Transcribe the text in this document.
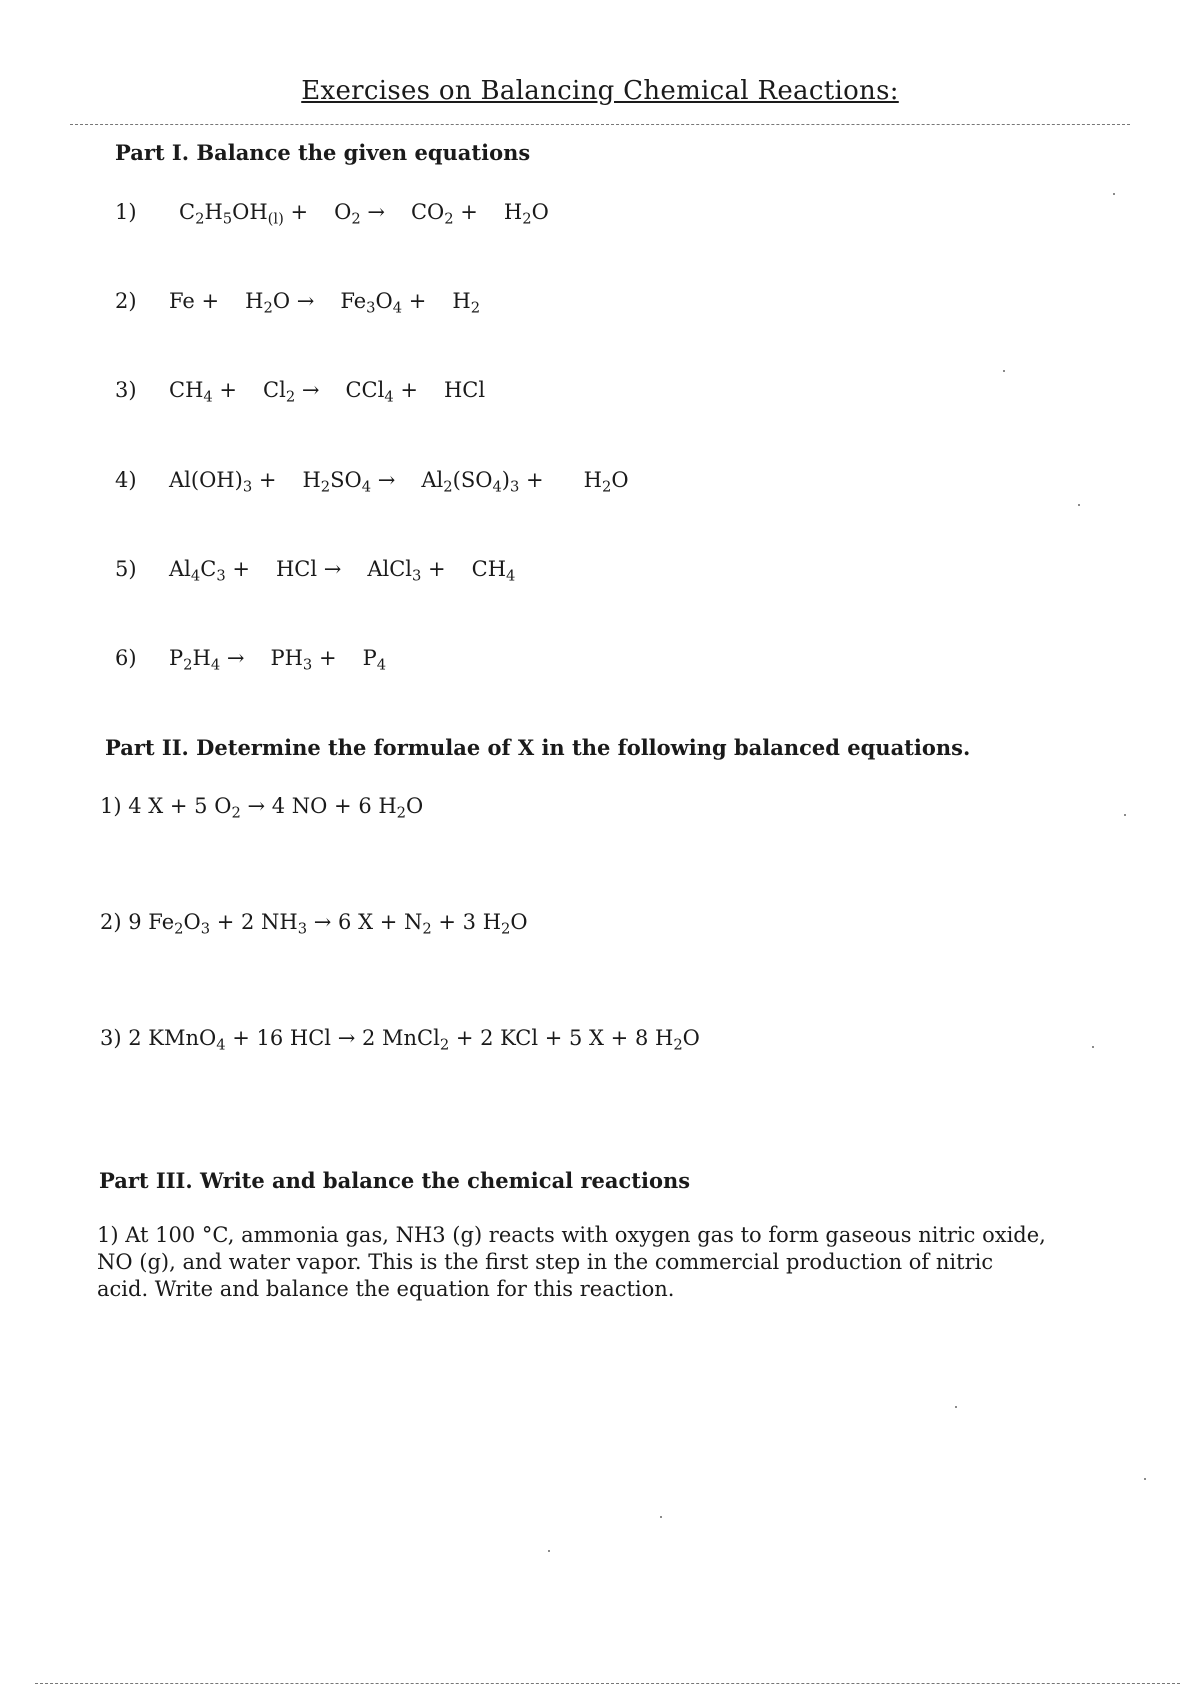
Exercises on Balancing Chemical Reactions:
Part I. Balance the given equations
1)	$C_2H_5OH_{(l)} + O_2 \to CO_2 + H_2O$
2)	$Fe + H_2O \to Fe_3O_4 + H_2$
3)	$CH_4 + Cl_2 \to CCl_4$ + HCl
4)	$Al(OH)_3 + H_2SO_4 \to Al_2(SO_4)_3 + H_2O$
5)	$Al_4C_3$ + HCl → AlCl$_3$ + $CH_4$
6)	$P_2H_4 \to PH_3 + P_4$
Part II. Determine the formulae of X in the following balanced equations.
1) 4 X + 5 $O_2 \to 4$ NO + 6 $H_2O$
2) 9 $Fe_2O_3 + 2$ $NH_3 \to 6$ $X + N_2 + 3$ $H_2O$
3) 2 KMnO$_4$ + 16 HCl → 2 MnCl$_2$ + 2 KCl + 5 X + 8 $H_2O$
Part III. Write and balance the chemical reactions
1) At 100 °C, ammonia gas, NH3 (g) reacts with oxygen gas to form gaseous nitric oxide, NO (g), and water vapor. This is the first step in the commercial production of nitric acid. Write and balance the equation for this reaction.
